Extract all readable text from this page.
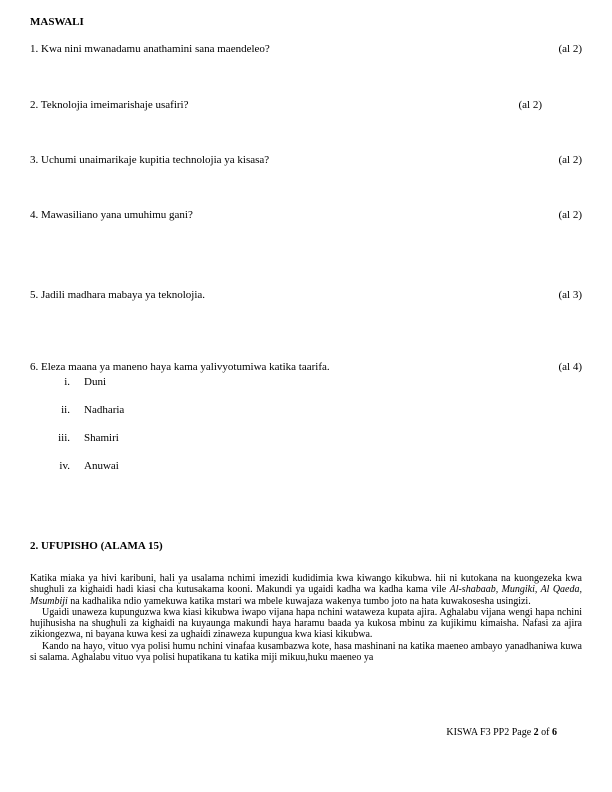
MASWALI
1. Kwa nini mwanadamu anathamini sana maendeleo?	(al 2)
2. Teknolojia imeimarishaje usafiri?	(al 2)
3. Uchumi unaimarikaje kupitia technolojia ya kisasa?	(al 2)
4. Mawasiliano yana umuhimu gani?	(al 2)
5. Jadili madhara mabaya ya teknolojia.	(al 3)
6. Eleza maana ya maneno haya kama yalivyotumiwa katika taarifa.	(al 4)
i. Duni
ii. Nadharia
iii. Shamiri
iv. Anuwai
2. UFUPISHO (ALAMA 15)

Katika miaka ya hivi karibuni, hali ya usalama nchimi imezidi kudidimia kwa kiwango kikubwa. hii ni kutokana na kuongezeka kwa shughuli za kighaidi hadi kiasi cha kutusakama kooni. Makundi ya ugaidi kadha wa kadha kama vile Al-shabaab, Mungiki, Al Qaeda, Msumbiji na kadhalika ndio yamekuwa katika mstari wa mbele kuwajaza wakenya tumbo joto na hata kuwakosesha usingizi.

Ugaidi unaweza kupunguzwa kwa kiasi kikubwa iwapo vijana hapa nchini wataweza kupata ajira. Aghalabu vijana wengi hapa nchini hujihusisha na shughuli za kighaidi na kuyaunga makundi haya haramu baada ya kukosa mbinu za kujikimu kimaisha. Nafasi za ajira zikiongezwa, ni bayana kuwa kesi za ughaidi zinaweza kupungua kwa kiasi kikubwa.

Kando na hayo, vituo vya polisi humu nchini vinafaa kusambazwa kote, hasa mashinani na katika maeneo ambayo yanadhaniwa kuwa si salama. Aghalabu vituo vya polisi hupatikana tu katika miji mikuu,huku maeneo ya

KISWA F3 PP2 Page 2 of 6
